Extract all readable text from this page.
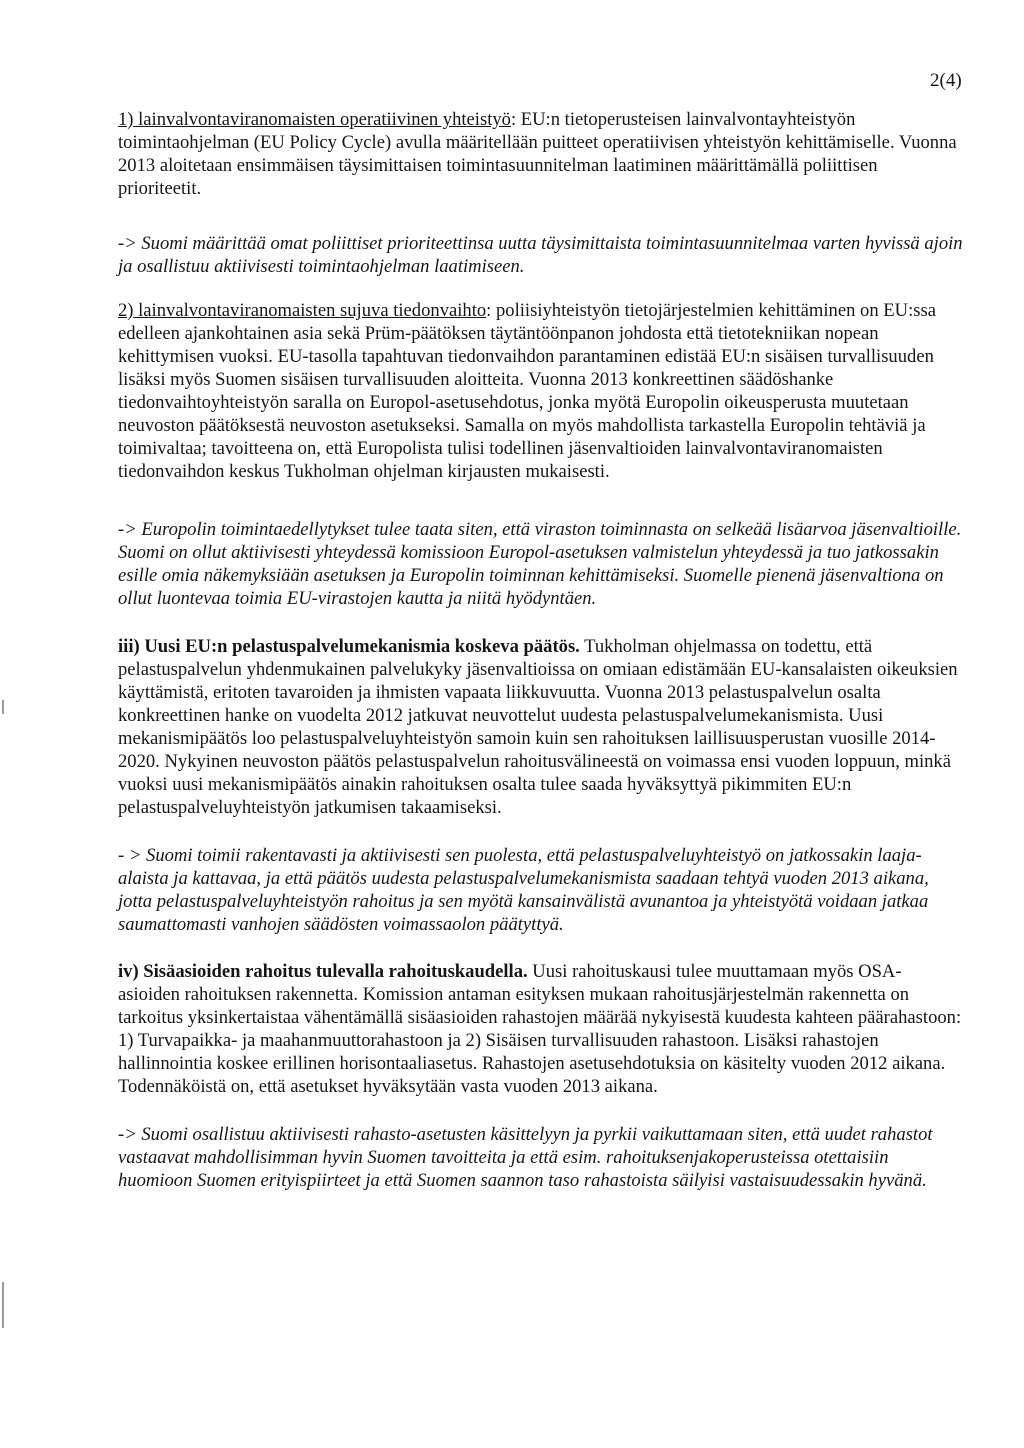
2(4)

1) lainvalvontaviranomaisten operatiivinen yhteistyö: EU:n tietoperusteisen lainvalvontayhteistyön toimintaohjelman (EU Policy Cycle) avulla määritellään puitteet operatiivisen yhteistyön kehittämiselle. Vuonna 2013 aloitetaan ensimmäisen täysimittaisen toimintasuunnitelman laatiminen määrittämällä poliittisen prioriteetit.

-> Suomi määrittää omat poliittiset prioriteettinsa uutta täysimittaista toimintasuunnitelmaa varten hyvissä ajoin ja osallistuu aktiivisesti toimintaohjelman laatimiseen.

2) lainvalvontaviranomaisten sujuva tiedonvaihto: poliisiyhteistyön tietojärjestelmien kehittäminen on EU:ssa edelleen ajankohtainen asia sekä Prüm-päätöksen täytäntöönpanon johdosta että tietotekniikan nopean kehittymisen vuoksi. EU-tasolla tapahtuvan tiedonvaihdon parantaminen edistää EU:n sisäisen turvallisuuden lisäksi myös Suomen sisäisen turvallisuuden aloitteita. Vuonna 2013 konkreettinen säädöshanke tiedonvaihtoyhteistyön saralla on Europol-asetusehdotus, jonka myötä Europolin oikeusperusta muutetaan neuvoston päätöksestä neuvoston asetukseksi. Samalla on myös mahdollista tarkastella Europolin tehtäviä ja toimivaltaa; tavoitteena on, että Europolista tulisi todellinen jäsenvaltioiden lainvalvontaviranomaisten tiedonvaihdon keskus Tukholman ohjelman kirjausten mukaisesti.

-> Europolin toimintaedellytykset tulee taata siten, että viraston toiminnasta on selkeää lisäarvoa jäsenvaltioille. Suomi on ollut aktiivisesti yhteydessä komissioon Europol-asetuksen valmistelun yhteydessä ja tuo jatkossakin esille omia näkemyksiään asetuksen ja Europolin toiminnan kehittämiseksi. Suomelle pienenä jäsenvaltiona on ollut luontevaa toimia EU-virastojen kautta ja niitä hyödyntäen.

iii) Uusi EU:n pelastuspalvelumekanismia koskeva päätös. Tukholman ohjelmassa on todettu, että pelastuspalvelun yhdenmukainen palvelukyky jäsenvaltioissa on omiaan edistämään EU-kansalaisten oikeuksien käyttämistä, eritoten tavaroiden ja ihmisten vapaata liikkuvuutta. Vuonna 2013 pelastuspalvelun osalta konkreettinen hanke on vuodelta 2012 jatkuvat neuvottelut uudesta pelastuspalvelumekanismista. Uusi mekanismipäätös loo pelastuspalveluyhteistyön samoin kuin sen rahoituksen laillisuusperustan vuosille 2014-2020. Nykyinen neuvoston päätös pelastuspalvelun rahoitusvälineestä on voimassa ensi vuoden loppuun, minkä vuoksi uusi mekanismipäätös ainakin rahoituksen osalta tulee saada hyväksyttyä pikimmiten EU:n pelastuspalveluyhteistyön jatkumisen takaamiseksi.

- > Suomi toimii rakentavasti ja aktiivisesti sen puolesta, että pelastuspalveluyhteistyö on jatkossakin laaja-alaista ja kattavaa, ja että päätös uudesta pelastuspalvelumekanismista saadaan tehtyä vuoden 2013 aikana, jotta pelastuspalveluyhteistyön rahoitus ja sen myötä kansainvälistä avunantoa ja yhteistyötä voidaan jatkaa saumattomasti vanhojen säädösten voimassaolon päätyttyä.

iv) Sisäasioiden rahoitus tulevalla rahoituskaudella. Uusi rahoituskausi tulee muuttamaan myös OSA-asioiden rahoituksen rakennetta. Komission antaman esityksen mukaan rahoitusjärjestelmän rakennetta on tarkoitus yksinkertaistaa vähentämällä sisäasioiden rahastojen määrää nykyisestä kuudesta kahteen päärahastoon: 1) Turvapaikka- ja maahanmuuttorahastoon ja 2) Sisäisen turvallisuuden rahastoon. Lisäksi rahastojen hallinnointia koskee erillinen horisontaaliasetus. Rahastojen asetusehdotuksia on käsitelty vuoden 2012 aikana. Todennäköistä on, että asetukset hyväksytään vasta vuoden 2013 aikana.

-> Suomi osallistuu aktiivisesti rahasto-asetusten käsittelyyn ja pyrkii vaikuttamaan siten, että uudet rahastot vastaavat mahdollisimman hyvin Suomen tavoitteita ja että esim. rahoituksenjakoperusteissa otettaisiin huomioon Suomen erityispiirteet ja että Suomen saannon taso rahastoista säilyisi vastaisuudessakin hyvänä.
